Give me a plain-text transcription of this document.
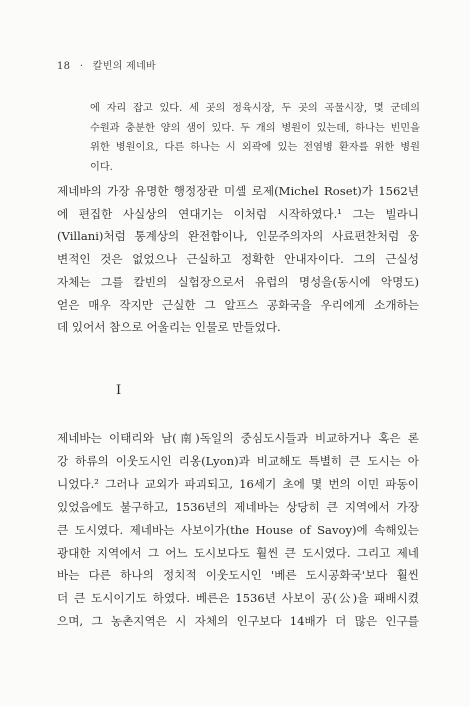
18 · 칼빈의 제네바
에 자리 잡고 있다. 세 곳의 정육시장, 두 곳의 곡물시장, 몇 군데의
수원과 충분한 양의 샘이 있다. 두 개의 병원이 있는데, 하나는 빈민을
위한 병원이요, 다른 하나는 시 외곽에 있는 전염병 환자를 위한 병원
이다.
제네바의 가장 유명한 행정장관 미셸 로제(Michel Roset)가 1562년
에 편집한 사실상의 연대기는 이처럼 시작하였다.¹ 그는 빌라니
(Villani)처럼 통계상의 완전함이나, 인문주의자의 사료편찬처럼 웅
변적인 것은 없었으나 근실하고 정확한 안내자이다. 그의 근실성
자체는 그를 칼빈의 실험장으로서 유럽의 명성을(동시에 악명도)
얻은 매우 작지만 근실한 그 알프스 공화국을 우리에게 소개하는
데 있어서 참으로 어울리는 인물로 만들었다.
I
제네바는 이태리와 남(南)독일의 중심도시들과 비교하거나 혹은 론
강 하류의 이웃도시인 리옹(Lyon)과 비교해도 특별히 큰 도시는 아
니었다.² 그러나 교외가 파괴되고, 16세기 초에 몇 번의 이민 파동이
있었음에도 불구하고, 1536년의 제네바는 상당히 큰 지역에서 가장
큰 도시였다. 제네바는 사보이가(the House of Savoy)에 속해있는
광대한 지역에서 그 어느 도시보다도 훨씬 큰 도시였다. 그리고 제네
바는 다른 하나의 정치적 이웃도시인 '베른 도시공화국'보다 훨씬
더 큰 도시이기도 하였다. 베른은 1536년 사보이 공(公)을 패배시켰
으며, 그 농촌지역은 시 자체의 인구보다 14배가 더 많은 인구를
